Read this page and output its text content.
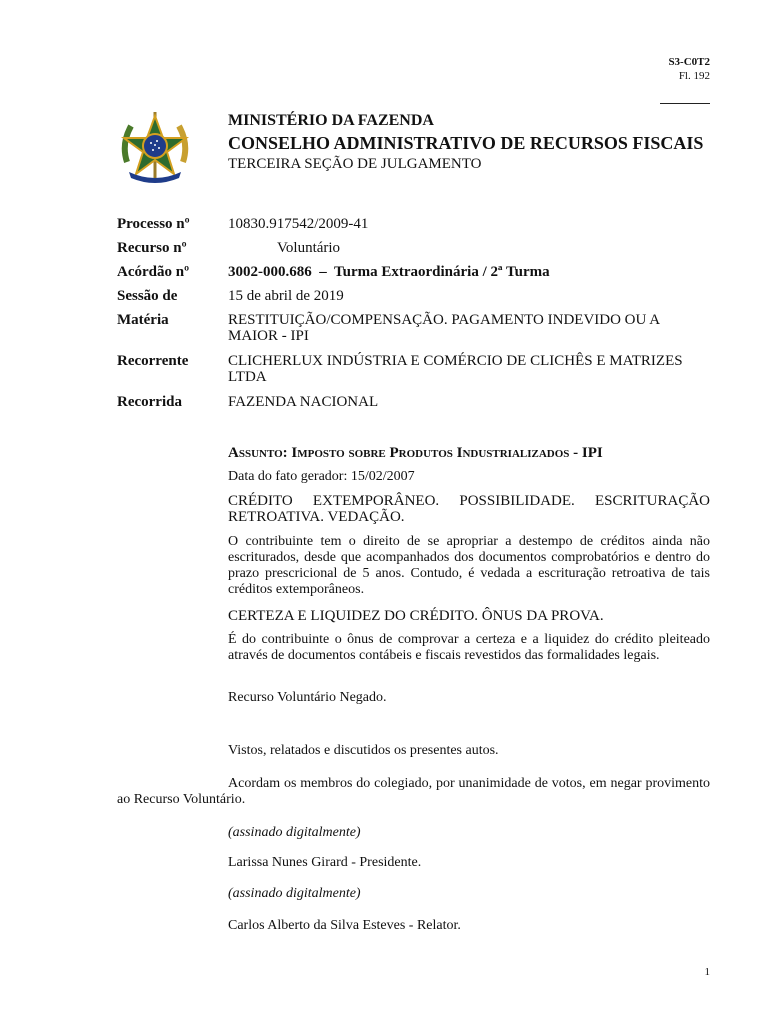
S3-C0T2
Fl. 192
MINISTÉRIO DA FAZENDA
CONSELHO ADMINISTRATIVO DE RECURSOS FISCAIS
TERCEIRA SEÇÃO DE JULGAMENTO
Processo nº	10830.917542/2009-41
Recurso nº	Voluntário
Acórdão nº	3002-000.686  –  Turma Extraordinária / 2ª Turma
Sessão de	15 de abril de 2019
Matéria	RESTITUIÇÃO/COMPENSAÇÃO. PAGAMENTO INDEVIDO OU A MAIOR - IPI
Recorrente	CLICHERLUX INDÚSTRIA E COMÉRCIO DE CLICHÊS E MATRIZES LTDA
Recorrida	FAZENDA NACIONAL
Assunto: Imposto sobre Produtos Industrializados - IPI
Data do fato gerador: 15/02/2007
CRÉDITO EXTEMPORÂNEO. POSSIBILIDADE. ESCRITURAÇÃO RETROATIVA. VEDAÇÃO.
O contribuinte tem o direito de se apropriar a destempo de créditos ainda não escriturados, desde que acompanhados dos documentos comprobatórios e dentro do prazo prescricional de 5 anos. Contudo, é vedada a escrituração retroativa de tais créditos extemporâneos.
CERTEZA E LIQUIDEZ DO CRÉDITO. ÔNUS DA PROVA.
É do contribuinte o ônus de comprovar a certeza e a liquidez do crédito pleiteado através de documentos contábeis e fiscais revestidos das formalidades legais.
Recurso Voluntário Negado.
Vistos, relatados e discutidos os presentes autos.
Acordam os membros do colegiado, por unanimidade de votos, em negar provimento ao Recurso Voluntário.
(assinado digitalmente)
Larissa Nunes Girard - Presidente.
(assinado digitalmente)
Carlos Alberto da Silva Esteves - Relator.
1
